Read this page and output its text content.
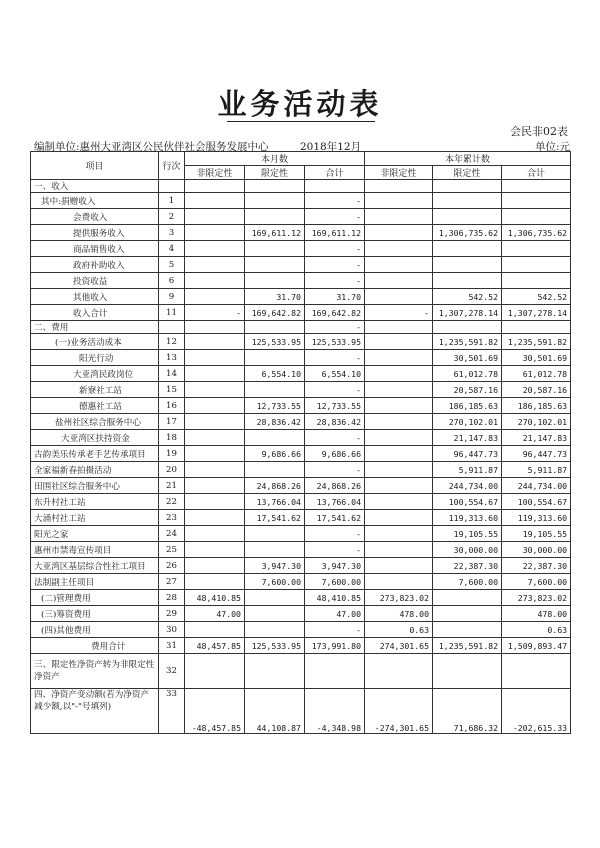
业务活动表
会民非02表
编制单位:惠州大亚湾区公民伙伴社会服务发展中心	2018年12月	单位:元
项目	行次	本月数			本年累计数		
		非限定性	限定性	合计	非限定性	限定性	合计
一、收入							
其中:捐赠收入	1			-			
会费收入	2			-			
提供服务收入	3		169,611.12	169,611.12		1,306,735.62	1,306,735.62
商品销售收入	4			-			
政府补助收入	5			-			
投资收益	6			-			
其他收入	9		31.70	31.70		542.52	542.52
收入合计	11	-	169,642.82	169,642.82	-	1,307,278.14	1,307,278.14
二、费用				-			
(一)业务活动成本	12		125,533.95	125,533.95		1,235,591.82	1,235,591.82
阳光行动	13			-		30,501.69	30,501.69
大亚湾民政岗位	14		6,554.10	6,554.10		61,012.78	61,012.78
新寮社工站	15			-		20,587.16	20,587.16
德惠社工站	16		12,733.55	12,733.55		186,185.63	186,185.63
盐州社区综合服务中心	17		28,836.42	28,836.42		270,102.01	270,102.01
大亚湾区扶持资金	18			-		21,147.83	21,147.83
古韵美乐传承老手艺传承项目	19		9,686.66	9,686.66		96,447.73	96,447.73
全家福新春拍摄活动	20			-		5,911.87	5,911.87
田围社区综合服务中心	21		24,868.26	24,868.26		244,734.00	244,734.00
东升村社工站	22		13,766.04	13,766.04		100,554.67	100,554.67
大涌村社工站	23		17,541.62	17,541.62		119,313.60	119,313.60
阳光之家	24			-		19,105.55	19,105.55
惠州市禁毒宣传项目	25			-		30,000.00	30,000.00
大亚湾区基层综合性社工项目	26		3,947.30	3,947.30		22,387.30	22,387.30
法制副主任项目	27		7,600.00	7,600.00		7,600.00	7,600.00
(二)管理费用	28	48,410.85		48,410.85	273,823.02		273,823.02
(三)筹资费用	29	47.00		47.00	478.00		478.00
(四)其他费用	30			-	0.63		0.63
费用合计	31	48,457.85	125,533.95	173,991.80	274,301.65	1,235,591.82	1,509,893.47
三、限定性净资产转为非限定性净资产	32						
四、净资产变动额(若为净资产减少额,以"-"号填列)	33	-48,457.85	44,108.87	-4,348.98	-274,301.65	71,686.32	-202,615.33
